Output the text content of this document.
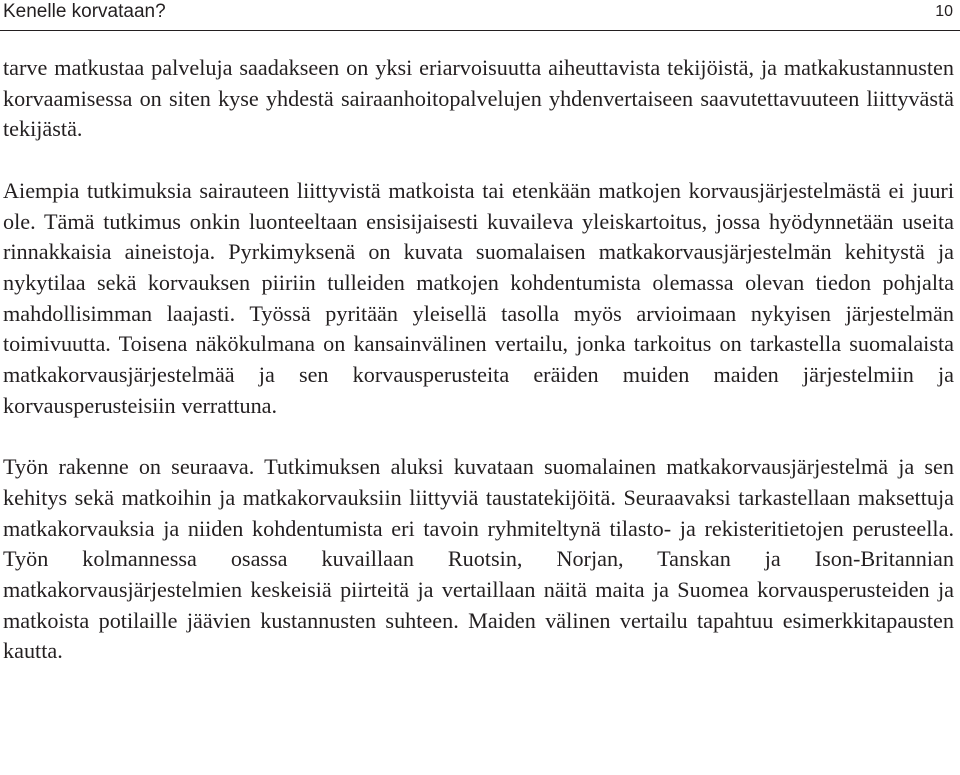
Kenelle korvataan?	10

tarve matkustaa palveluja saadakseen on yksi eriarvoisuutta aiheuttavista tekijöistä, ja matkakustannusten korvaamisessa on siten kyse yhdestä sairaanhoitopalvelujen yhdenvertaiseen saavutettavuuteen liittyvästä tekijästä.

Aiempia tutkimuksia sairauteen liittyvistä matkoista tai etenkään matkojen korvausjärjestelmästä ei juuri ole. Tämä tutkimus onkin luonteeltaan ensisijaisesti kuvaileva yleiskartoitus, jossa hyödynnetään useita rinnakkaisia aineistoja. Pyrkimyksenä on kuvata suomalaisen matkakorvausjärjestelmän kehitystä ja nykytilaa sekä korvauksen piiriin tulleiden matkojen kohdentumista olemassa olevan tiedon pohjalta mahdollisimman laajasti. Työssä pyritään yleisellä tasolla myös arvioimaan nykyisen järjestelmän toimivuutta. Toisena näkökulmana on kansainvälinen vertailu, jonka tarkoitus on tarkastella suomalaista matkakorvausjärjestelmää ja sen korvausperusteita eräiden muiden maiden järjestelmiin ja korvausperusteisiin verrattuna.

Työn rakenne on seuraava. Tutkimuksen aluksi kuvataan suomalainen matkakorvausjärjestelmä ja sen kehitys sekä matkoihin ja matkakorvauksiin liittyviä taustatekijöitä. Seuraavaksi tarkastellaan maksettuja matkakorvauksia ja niiden kohdentumista eri tavoin ryhmiteltynä tilasto- ja rekisteritietojen perusteella. Työn kolmannessa osassa kuvaillaan Ruotsin, Norjan, Tanskan ja Ison-Britannian matkakorvausjärjestelmien keskeisiä piirteitä ja vertaillaan näitä maita ja Suomea korvausperusteiden ja matkoista potilaille jäävien kustannusten suhteen. Maiden välinen vertailu tapahtuu esimerkkitapausten kautta.
